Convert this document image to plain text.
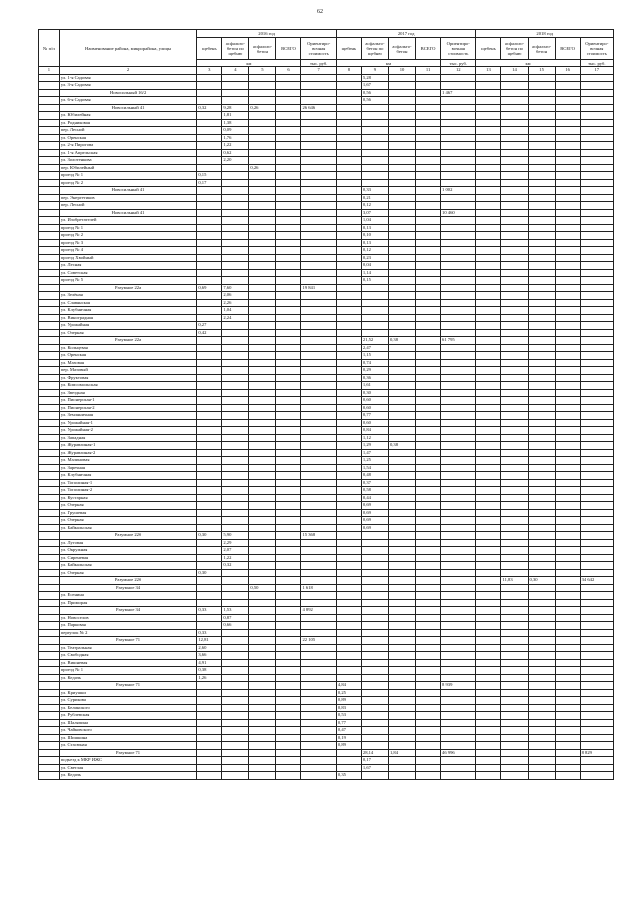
62
№ п/п	Наименование района, микрорайона, улицы	2016 год					2017 год					2018 год				
		щебень	асфальто-бетон по щебню	асфальто-бетон	ВСЕГО	Ориентиро-вочная стоимость	щебень	асфальто-бетон по щебню	асфальто-бетон	ВСЕГО	Ориентиро-вочная стоимость	щебень	асфальто-бетон по щебню	асфальто-бетон	ВСЕГО	Ориентиро-вочная стоимость
		км				тыс. руб.	км				тыс. руб.	км				тыс. руб.
1	2	3	4	5	6	7	8	9	10	11	12	13	14	15	16	17
	ул. 1-я Садовая							5,28								
	ул. 3-я Садовая							1,67								
	Новосильный 16/2							0,56			1 467					
	ул. 6-я Садовая							0,56								
	Новосильный 41	0,32	9,28	0,26		26 646										
	ул. Юбилейная		1,81													
	ул. Родниковая		1,38													
	пер. Лесной		0,09													
	ул. Оренская		1,76													
	ул. 2-я Пирогова		1,22													
	ул. 1-я Апрельская		0,62													
	ул. Золотенкова		2,20													
	пер. Юбилейный			0,26												
	проезд № 1	0,15														
	проезд № 2	0,17														
	Новосильный 41							0,33			1 002					
	пер. Энергетиков							0,21								
	пер. Лесной							0,12								
	Новосильный 41							3,07			10 460					
	ул. Изобретателей							1,04								
	проезд № 1							0,13								
	проезд № 2							0,10								
	проезд № 3							0,13								
	проезд № 4							0,12								
	проезд Хвойный							0,23								
	ул. Лесная							0,04								
	ул. Советская							1,14								
	проезд № 5							0,15								
	Разумное 22а	0,69	7,60			19 841										
	ул. Зелёная		2,06													
	ул. Славянская		2,26													
	ул. Клубничная		1,04													
	ул. Виноградная		2,24													
	ул. Урожайная	0,27														
	ул. Озерная	0,42														
	Разумное 22а							21,52	0,38		61 795					
	ул. Кольцевая							2,47								
	ул. Оренская							1,15								
	ул. Мазовая							0,74								
	пер. Мазовый							0,29								
	ул. Фруктовая							0,36								
	ул. Комсомольская							1,61								
	ул. Звездная							0,30								
	ул. Пионерская-1							0,60								
	ул. Пионерская-2							0,60								
	ул. Земляничная							0,77								
	ул. Урожайная-1							0,60								
	ул. Урожайная-2							0,84								
	ул. Западная							1,12								
	ул. Журавлиная-1							1,29	0,38							
	ул. Журавлиная-2							1,47								
	ул. Малиновая							1,25								
	ул. Заречная							1,54								
	ул. Клубничная							0,48								
	ул. Тополиная-1							0,37								
	ул. Тополиная-2							0,58								
	ул. Кустарная							0,44								
	ул. Озерная							0,69								
	ул. Грушевая							0,69								
	ул. Озерная							0,69								
	ул. Байкальская							0,69								
	Разумное 22б	0,30	5,90			15 368										
	ул. Луговая		2,29													
	ул. Окружная		2,07													
	ул. Сиреневая		1,22													
	ул. Байкальская		0,32													
	ул. Озерная	0,30														
	Разумное 22б												11,83	0,30		34 642
	Разумное 34			0,50		1 618										
	ул. Есенина															
	ул. Приморая															
	Разумное 34	0,33	1,53			4 892										
	ул. Новоселов		0,87													
	ул. Парковая		0,66													
	переулок № 2	0,33														
	Разумное 71	12,81				22 105										
	ул. Театральная	2,60														
	ул. Свободная	3,66														
	ул. Вишневая	4,91														
	проезд № 1	0,38														
	ул. Кедачь	1,26														
	Разумное 71						4,84				8 939					
	ул. Криушки						0,25									
	ул. Сурикова						0,89									
	ул. Белинского						0,83									
	ул. Рублевская						0,53									
	ул. Шаляпина						0,77									
	ул. Чайковского						0,47									
	ул. Шишкина						0,19									
	ул. Стасюная						0,89									
	Разумное 71							28,14	1,84		46 996					8 829
	подъезд к МКР ИЖС							0,17								
	ул. Светлая							1,67								
	ул. Кедачь						0,35									
